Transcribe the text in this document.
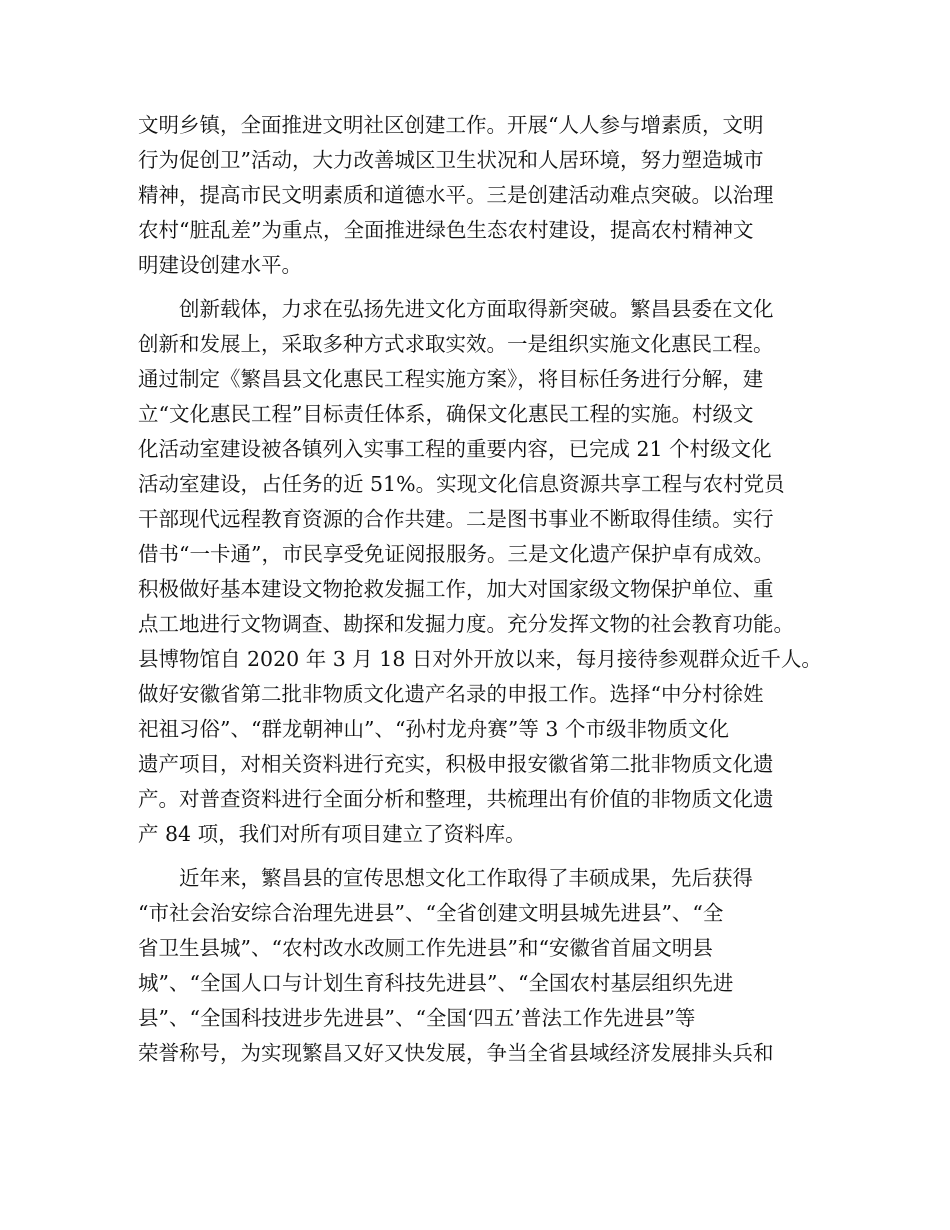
文明乡镇，全面推进文明社区创建工作。开展“人人参与增素质，文明
行为促创卫”活动，大力改善城区卫生状况和人居环境，努力塑造城市
精神，提高市民文明素质和道德水平。三是创建活动难点突破。以治理
农村“脏乱差”为重点，全面推进绿色生态农村建设，提高农村精神文
明建设创建水平。
　　创新载体，力求在弘扬先进文化方面取得新突破。繁昌县委在文化
创新和发展上，采取多种方式求取实效。一是组织实施文化惠民工程。
通过制定《繁昌县文化惠民工程实施方案》，将目标任务进行分解，建
立“文化惠民工程”目标责任体系，确保文化惠民工程的实施。村级文
化活动室建设被各镇列入实事工程的重要内容，已完成 21 个村级文化
活动室建设，占任务的近 51%。实现文化信息资源共享工程与农村党员
干部现代远程教育资源的合作共建。二是图书事业不断取得佳绩。实行
借书“一卡通”，市民享受免证阅报服务。三是文化遗产保护卓有成效。
积极做好基本建设文物抢救发掘工作，加大对国家级文物保护单位、重
点工地进行文物调查、勘探和发掘力度。充分发挥文物的社会教育功能。
县博物馆自 2020 年 3 月 18 日对外开放以来，每月接待参观群众近千人。
做好安徽省第二批非物质文化遗产名录的申报工作。选择“中分村徐姓
祀祖习俗”、“群龙朝神山”、“孙村龙舟赛”等 3 个市级非物质文化
遗产项目，对相关资料进行充实，积极申报安徽省第二批非物质文化遗
产。对普查资料进行全面分析和整理，共梳理出有价值的非物质文化遗
产 84 项，我们对所有项目建立了资料库。
　　近年来，繁昌县的宣传思想文化工作取得了丰硕成果，先后获得
“市社会治安综合治理先进县”、“全省创建文明县城先进县”、“全
省卫生县城”、“农村改水改厕工作先进县”和“安徽省首届文明县
城”、“全国人口与计划生育科技先进县”、“全国农村基层组织先进
县”、“全国科技进步先进县”、“全国‘四五’普法工作先进县”等
荣誉称号，为实现繁昌又好又快发展，争当全省县域经济发展排头兵和
